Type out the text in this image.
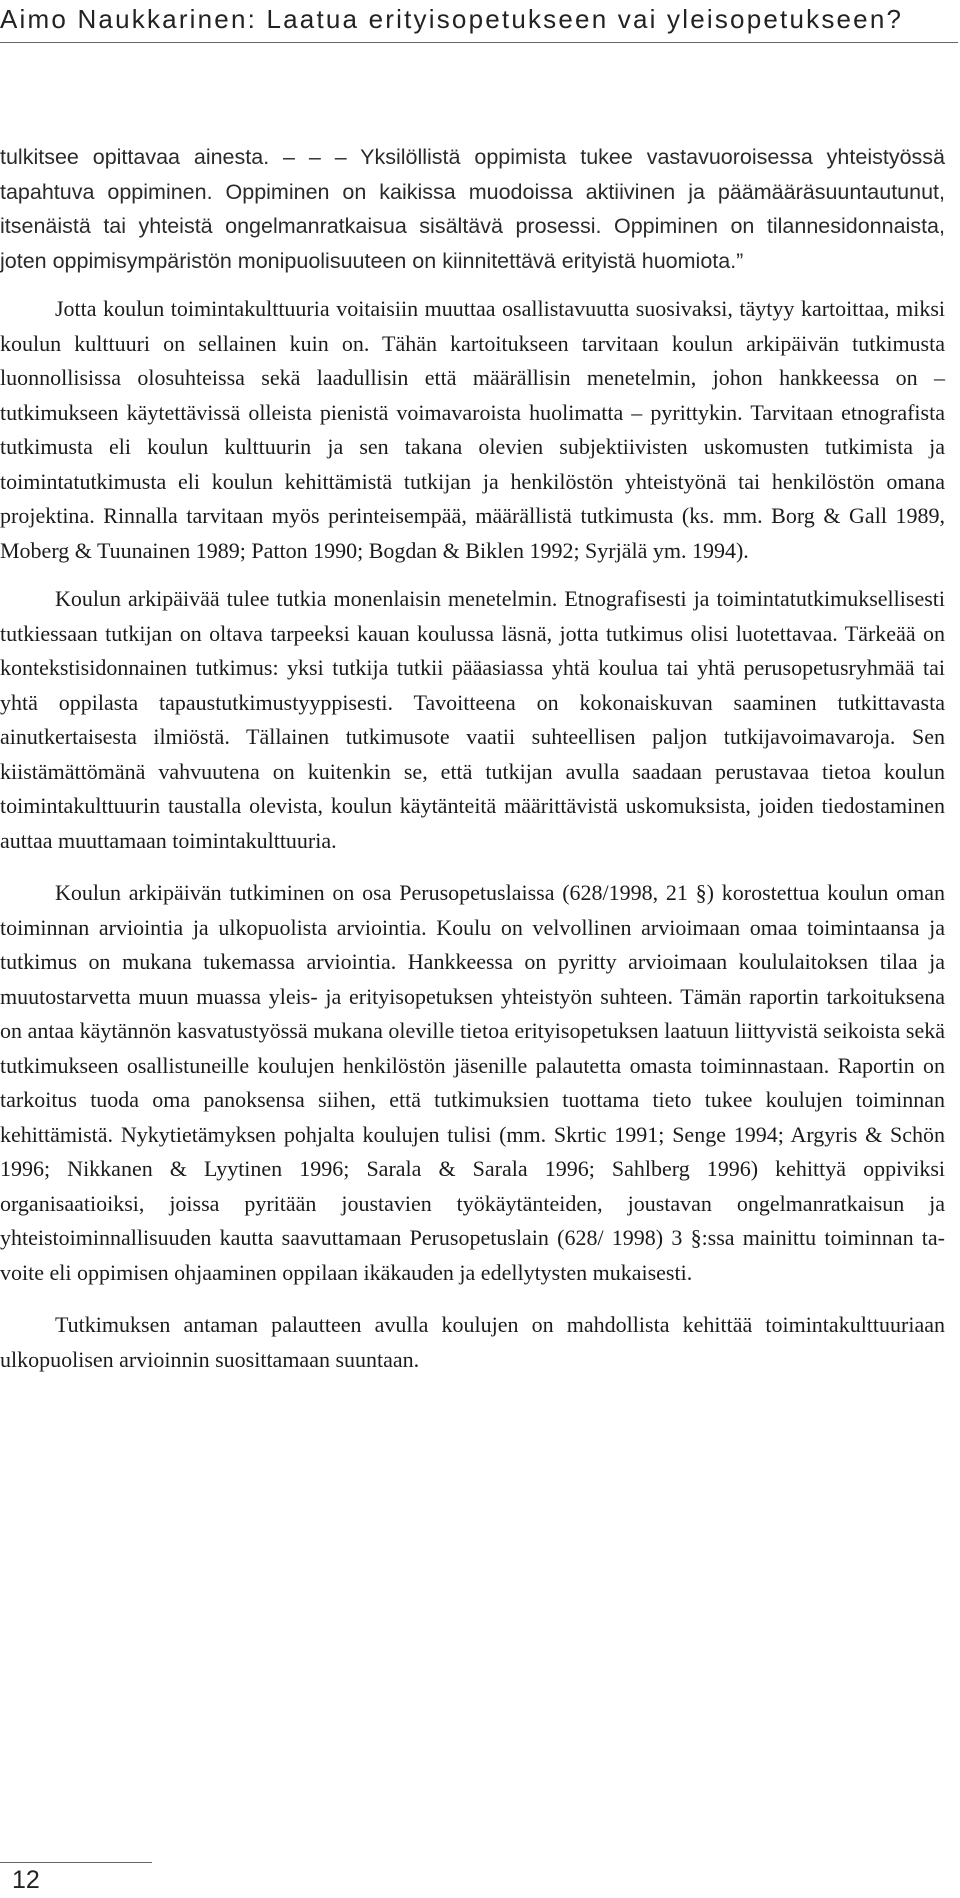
Aimo Naukkarinen: Laatua erityisopetukseen vai yleisopetukseen?

tulkitsee opittavaa ainesta. – – – Yksilöllistä oppimista tukee vastavuoroisessa yhteistyössä tapahtuva oppiminen. Oppiminen on kaikissa muodoissa aktiivinen ja päämääräsuuntautunut, itsenäistä tai yhteistä ongelmanratkaisua sisältävä prosessi. Oppiminen on tilannesidonnaista, joten oppimisympäristön monipuolisuuteen on kiinnitettävä erityistä huomiota.”

Jotta koulun toimintakulttuuria voitaisiin muuttaa osallistavuutta suosivaksi, täytyy kartoittaa, miksi koulun kulttuuri on sellainen kuin on. Tähän kartoitukseen tarvitaan koulun arkipäivän tutkimusta luonnollisissa olosuhteissa sekä laadullisin että määrällisin menetelmin, johon hankkeessa on – tutkimukseen käytettävissä olleista pienistä voimavaroista huolimatta – pyrittykin. Tarvitaan etnografista tutkimusta eli koulun kulttuurin ja sen takana olevien subjektiivisten uskomusten tutkimista ja toimintatutkimusta eli koulun kehittämistä tutkijan ja henkilöstön yhteistyönä tai henkilöstön omana projektina. Rinnalla tarvitaan myös perinteisempää, määrällistä tutkimusta (ks. mm. Borg & Gall 1989, Moberg & Tuunainen 1989; Patton 1990; Bogdan & Biklen 1992; Syrjälä ym. 1994).

Koulun arkipäivää tulee tutkia monenlaisin menetelmin. Etnografisesti ja toimintatutkimuksellisesti tutkiessaan tutkijan on oltava tarpeeksi kauan koulussa läsnä, jotta tutkimus olisi luotettavaa. Tärkeää on kontekstisidonnainen tutkimus: yksi tutkija tutkii pääasiassa yhtä koulua tai yhtä perusopetusryhmää tai yhtä oppilasta tapaustutkimustyyppisesti. Tavoitteena on kokonaiskuvan saaminen tutkittavasta ainutkertaisesta ilmiöstä. Tällainen tutkimusote vaatii suhteellisen paljon tutkijavoimavaroja. Sen kiistämättömänä vahvuutena on kuitenkin se, että tutkijan avulla saadaan perustavaa tietoa koulun toimintakulttuurin taustalla olevista, koulun käytänteitä määrittävistä uskomuksista, joiden tiedostaminen auttaa muuttamaan toimintakulttuuria.

Koulun arkipäivän tutkiminen on osa Perusopetuslaissa (628/1998, 21 §) korostettua koulun oman toiminnan arviointia ja ulkopuolista arviointia. Koulu on velvollinen arvioimaan omaa toimintaansa ja tutkimus on mukana tukemassa arviointia. Hankkeessa on pyritty arvioimaan koululaitoksen tilaa ja muutostarvetta muun muassa yleis- ja erityisopetuksen yhteistyön suhteen. Tämän raportin tarkoituksena on antaa käytännön kasvatustyössä mukana oleville tietoa erityisopetuksen laatuun liittyvistä seikoista sekä tutkimukseen osallistuneille koulujen henkilöstön jäsenille palautetta omasta toiminnastaan. Raportin on tarkoitus tuoda oma panoksensa siihen, että tutkimuksien tuottama tieto tukee koulujen toiminnan kehittämistä. Nykytietämyksen pohjalta koulujen tulisi (mm. Skrtic 1991; Senge 1994; Argyris & Schön 1996; Nikkanen & Lyytinen 1996; Sarala & Sarala 1996; Sahlberg 1996) kehittyä oppiviksi organisaatioiksi, joissa pyritään joustavien työkäytänteiden, joustavan ongelmanratkaisun ja yhteistoiminnallisuuden kautta saavuttamaan Perusopetuslain (628/ 1998) 3 §:ssa mainittu toiminnan tavoite eli oppimisen ohjaaminen oppilaan ikäkauden ja edellytysten mukaisesti.

Tutkimuksen antaman palautteen avulla koulujen on mahdollista kehittää toimintakulttuuriaan ulkopuolisen arvioinnin suosittamaan suuntaan.

12
